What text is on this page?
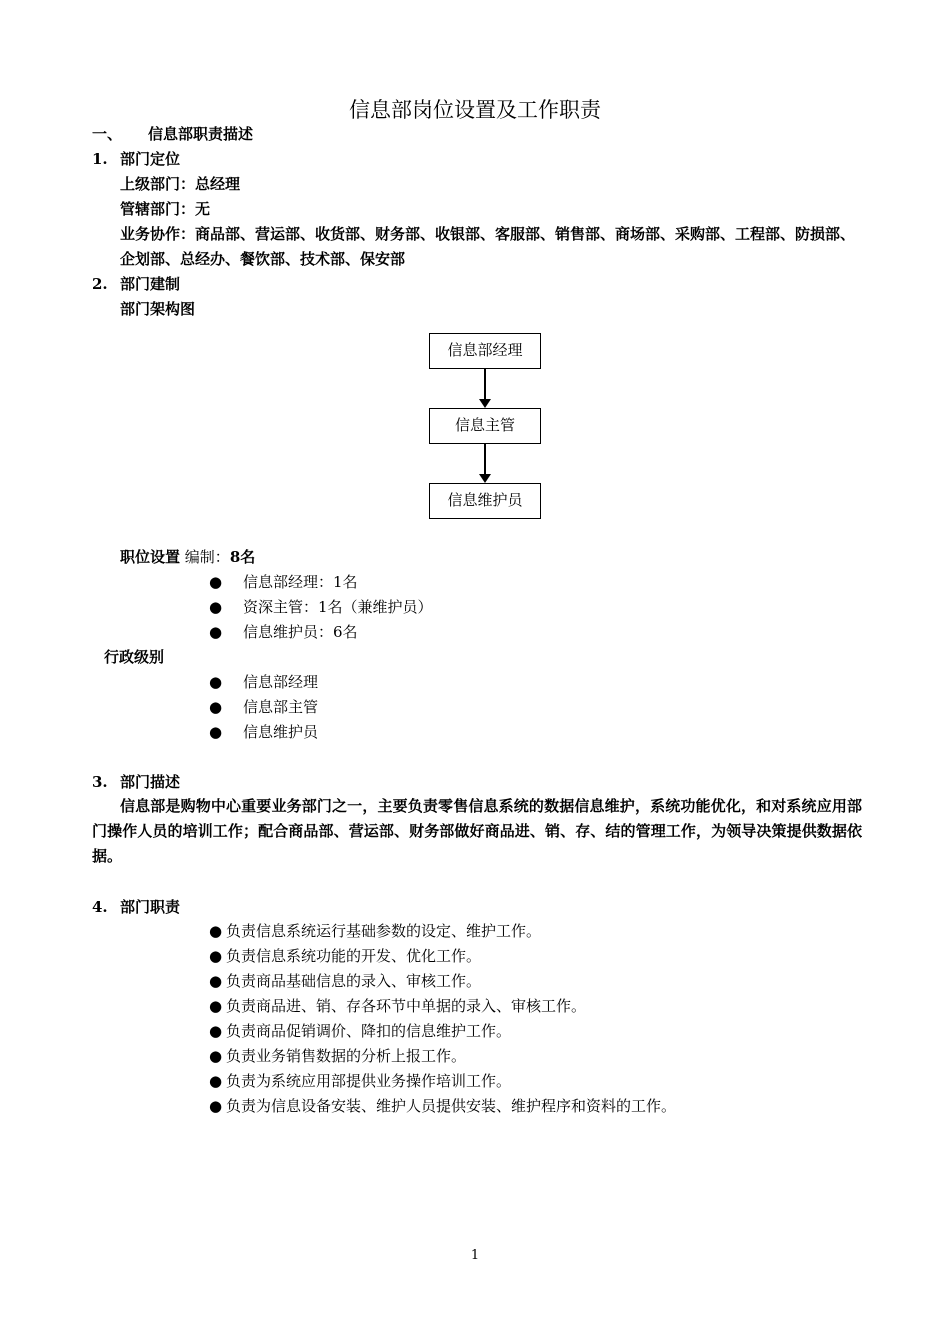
信息部岗位设置及工作职责
一、 信息部职责描述
1. 部门定位
上级部门：总经理
管辖部门：无
业务协作：商品部、营运部、收货部、财务部、收银部、客服部、销售部、商场部、采购部、工程部、防损部、
企划部、总经办、餐饮部、技术部、保安部
2. 部门建制
部门架构图
信息部经理
信息主管
信息维护员
职位设置 编制：8名
● 信息部经理：1名
● 资深主管：1名（兼维护员）
● 信息维护员：6名
行政级别
● 信息部经理
● 信息部主管
● 信息维护员
3. 部门描述
信息部是购物中心重要业务部门之一，主要负责零售信息系统的数据信息维护，系统功能优化，和对系统应用部门操作人员的培训工作；配合商品部、营运部、财务部做好商品进、销、存、结的管理工作，为领导决策提供数据依据。
4. 部门职责
● 负责信息系统运行基础参数的设定、维护工作。
● 负责信息系统功能的开发、优化工作。
● 负责商品基础信息的录入、审核工作。
● 负责商品进、销、存各环节中单据的录入、审核工作。
● 负责商品促销调价、降扣的信息维护工作。
● 负责业务销售数据的分析上报工作。
● 负责为系统应用部提供业务操作培训工作。
● 负责为信息设备安装、维护人员提供安装、维护程序和资料的工作。
1
